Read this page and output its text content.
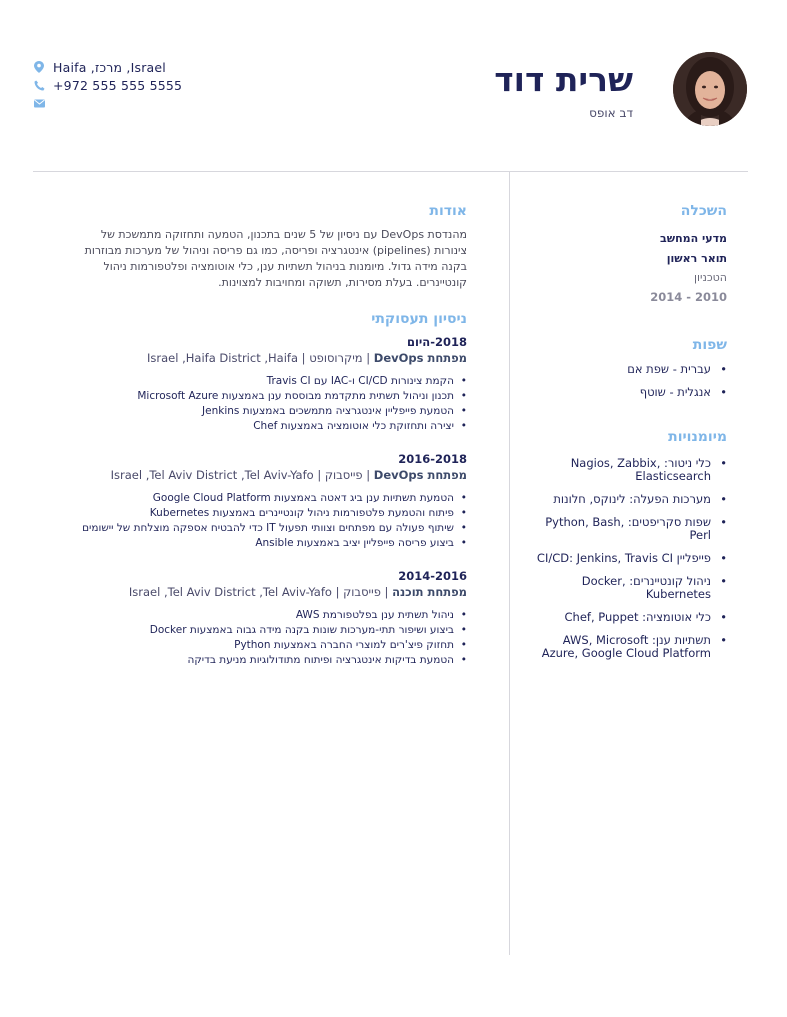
שרית דוד
דב אופס
Haifa ,מרכז ,Israel
+972 555 555 5555
אודות
מהנדסת DevOps עם ניסיון של 5 שנים בתכנון, הטמעה ותחזוקה מתמשכת של צינורות (pipelines) אינטגרציה ופריסה, כמו גם פריסה וניהול של מערכות מבוזרות בקנה מידה גדול. מיומנות בניהול תשתיות ענן, כלי אוטומציה ופלטפורמות ניהול קונטיינרים. בעלת מסירות, תשוקה ומחויבות למצוינות.
ניסיון תעסוקתי
2018-היום
מפתחת DevOps | מיקרוסופט | Israel ,Haifa District ,Haifa
• הקמת צינורות CI/CD ו-IAC עם Travis CI
• תכנון וניהול תשתית מתקדמת מבוססת ענן באמצעות Microsoft Azure
• הטמעת פייפליין אינטגרציה מתמשכים באמצעות Jenkins
• יצירה ותחזוקת כלי אוטומציה באמצעות Chef
2016-2018
מפתחת DevOps | פייסבוק | Israel ,Tel Aviv District ,Tel Aviv-Yafo
• הטמעת תשתיות ענן ביג דאטה באמצעות Google Cloud Platform
• פיתוח והטמעת פלטפורמות ניהול קונטיינרים באמצעות Kubernetes
• שיתוף פעולה עם מפתחים וצוותי תפעול IT כדי להבטיח אספקה מוצלחת של יישומים
• ביצוע פריסה פייפליין יציב באמצעות Ansible
2014-2016
מפתחת תוכנה | פייסבוק | Israel ,Tel Aviv District ,Tel Aviv-Yafo
• ניהול תשתית ענן בפלטפורמת AWS
• ביצוע ושיפור תתי-מערכות שונות בקנה מידה גבוה באמצעות Docker
• תחזוק פיצ'רים למוצרי החברה באמצעות Python
• הטמעת בדיקות אינטגרציה ופיתוח מתודולוגיות מניעת בדיקה
השכלה
מדעי המחשב
תואר ראשון
הטכניון
2010 - 2014
שפות
• עברית - שפת אם
• אנגלית - שוטף
מיומנויות
• כלי ניטור: Nagios, Zabbix, Elasticsearch
• מערכות הפעלה: לינוקס, חלונות
• שפות סקריפטים: Python, Bash, Perl
• פייפליין CI/CD: Jenkins, Travis CI
• ניהול קונטיינרים: Docker, Kubernetes
• כלי אוטומציה: Chef, Puppet
• תשתיות ענן: AWS, Microsoft Azure, Google Cloud Platform
